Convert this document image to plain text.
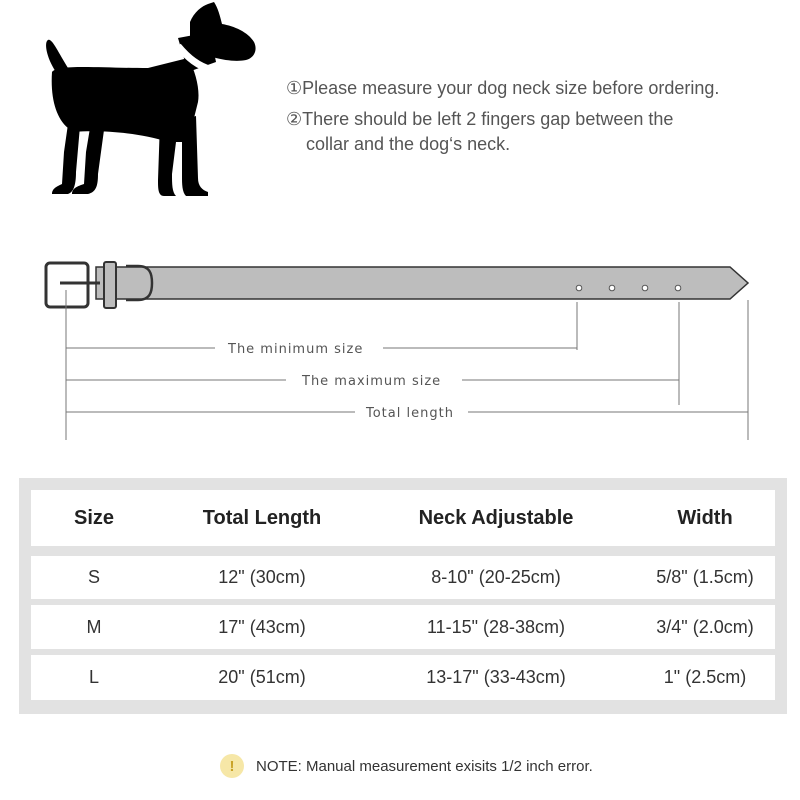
①Please measure your dog neck size before ordering.
②There should be left 2 fingers gap between the
collar and the dog‘s neck.
The minimum size
The maximum size
Total length
Size	Total Length	Neck Adjustable	Width
S	12" (30cm)	8-10" (20-25cm)	5/8" (1.5cm)
M	17" (43cm)	11-15" (28-38cm)	3/4" (2.0cm)
L	20" (51cm)	13-17" (33-43cm)	1" (2.5cm)
!	NOTE: Manual measurement exisits 1/2 inch error.
